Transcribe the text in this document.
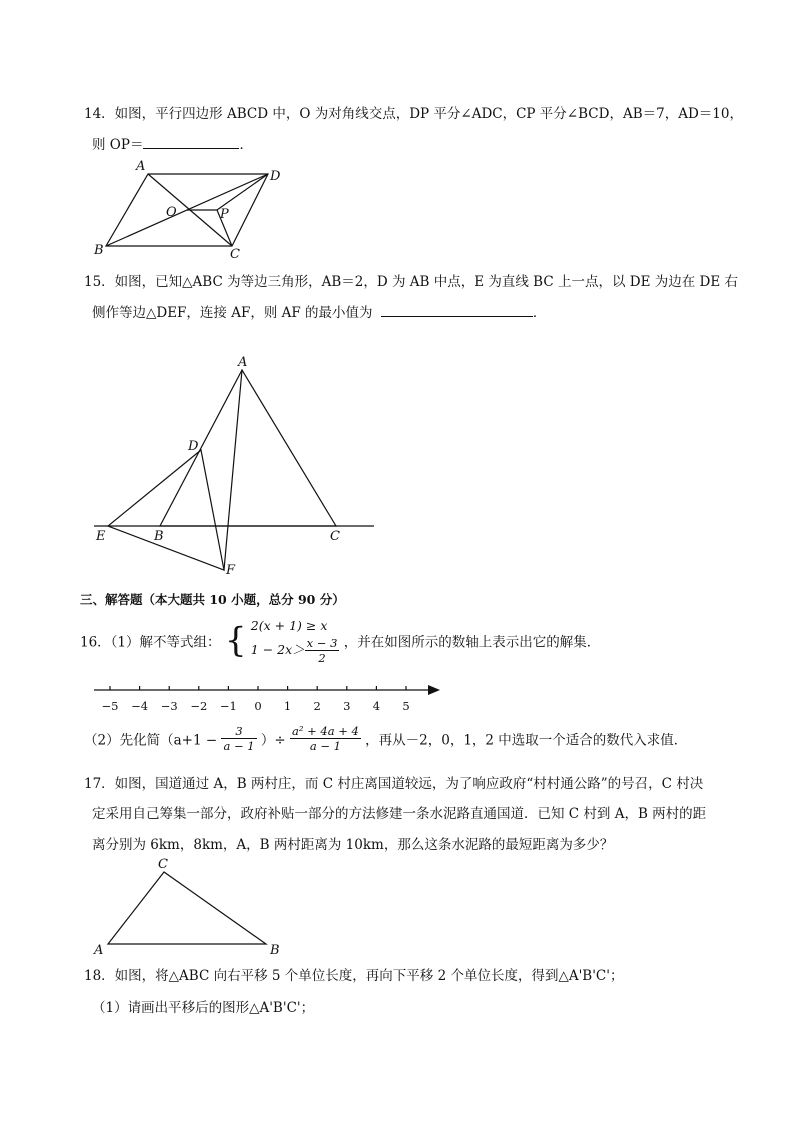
14．如图，平行四边形 ABCD 中，O 为对角线交点，DP 平分∠ADC，CP 平分∠BCD，AB＝7，AD＝10，
则 OP＝	．
A
D
O	P
B	C
15．如图，已知△ABC 为等边三角形，AB＝2，D 为 AB 中点，E 为直线 BC 上一点，以 DE 为边在 DE 右
侧作等边△DEF，连接 AF，则 AF 的最小值为	．
A
D
E	B	C
F
三、解答题（本大题共 10 小题，总分 90 分）
16．（1）解不等式组： { 2(x + 1) ≥ x
$1 - 2x> \frac{x - 3}{2}$ ，并在如图所示的数轴上表示出它的解集．
−5 −4 −3 −2 −1 0 1 2 3 4 5
（2）先化简（$a+1 - \frac{3}{a - 1}$ ）÷ $\frac{\text{a² + 4a + 4}}{a - 1}$ ，再从－2，0，1，2 中选取一个适合的数代入求值．
17．如图，国道通过 A，B 两村庄，而 C 村庄离国道较远，为了响应政府“村村通公路”的号召，C 村决
定采用自己筹集一部分，政府补贴一部分的方法修建一条水泥路直通国道．已知 C 村到 A，B 两村的距
离分别为 6km，8km，A，B 两村距离为 10km，那么这条水泥路的最短距离为多少？
C
A	B
18．如图，将△ABC 向右平移 5 个单位长度，再向下平移 2 个单位长度，得到△A'B'C'；
（1）请画出平移后的图形△A'B'C'；
